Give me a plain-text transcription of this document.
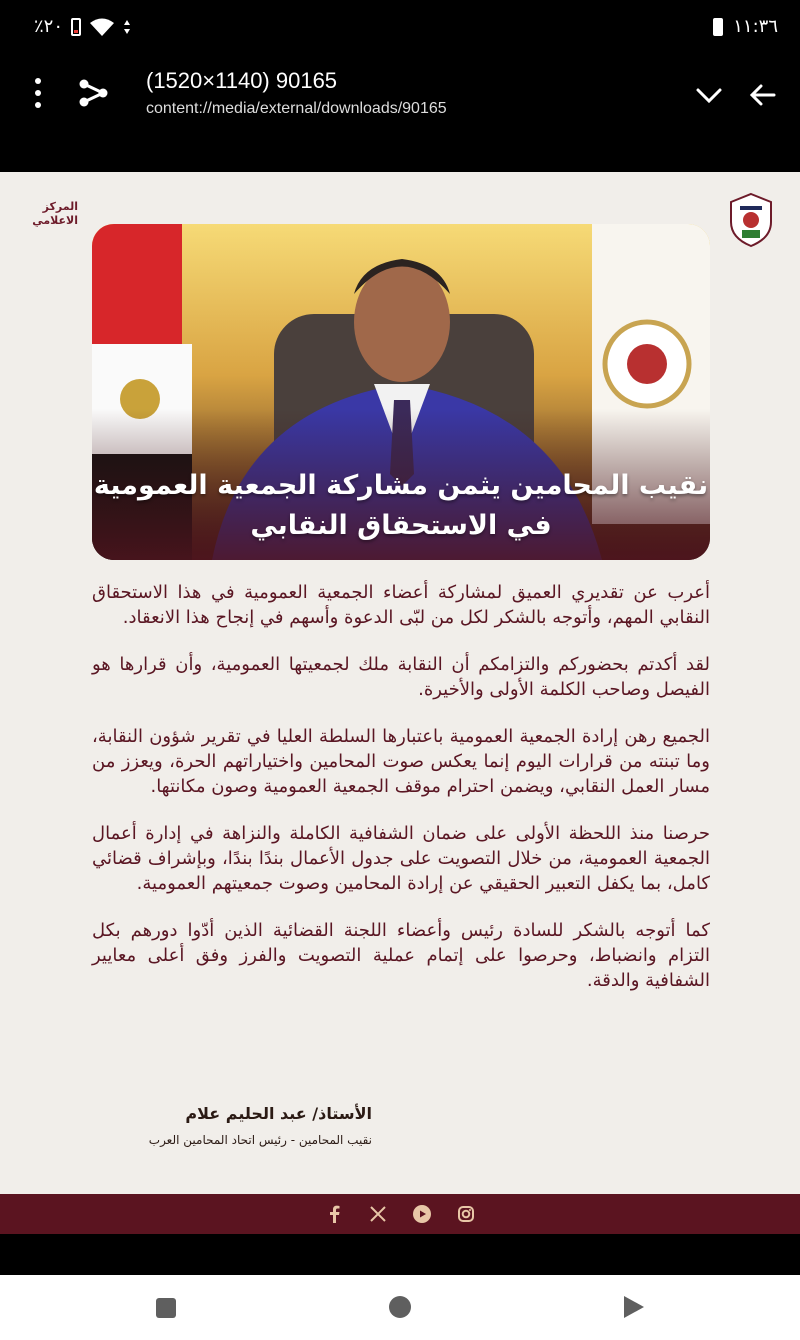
٪٢٠	١١:٣٦
(1520×1140) 90165
content://media/external/downloads/90165
المركز الاعلامي
نقيب المحامين يثمن مشاركة الجمعية العمومية
في الاستحقاق النقابي

أعرب عن تقديري العميق لمشاركة أعضاء الجمعية العمومية في هذا الاستحقاق النقابي المهم، وأتوجه بالشكر لكل من لبّى الدعوة وأسهم في إنجاح هذا الانعقاد.

لقد أكدتم بحضوركم والتزامكم أن النقابة ملك لجمعيتها العمومية، وأن قرارها هو الفيصل وصاحب الكلمة الأولى والأخيرة.

الجميع رهن إرادة الجمعية العمومية باعتبارها السلطة العليا في تقرير شؤون النقابة، وما تبنته من قرارات اليوم إنما يعكس صوت المحامين واختياراتهم الحرة، ويعزز من مسار العمل النقابي، ويضمن احترام موقف الجمعية العمومية وصون مكانتها.

حرصنا منذ اللحظة الأولى على ضمان الشفافية الكاملة والنزاهة في إدارة أعمال الجمعية العمومية، من خلال التصويت على جدول الأعمال بندًا بندًا، وبإشراف قضائي كامل، بما يكفل التعبير الحقيقي عن إرادة المحامين وصوت جمعيتهم العمومية.

كما أتوجه بالشكر للسادة رئيس وأعضاء اللجنة القضائية الذين أدّوا دورهم بكل التزام وانضباط، وحرصوا على إتمام عملية التصويت والفرز وفق أعلى معايير الشفافية والدقة.

الأستاذ/ عبد الحليم علام
نقيب المحامين - رئيس اتحاد المحامين العرب
